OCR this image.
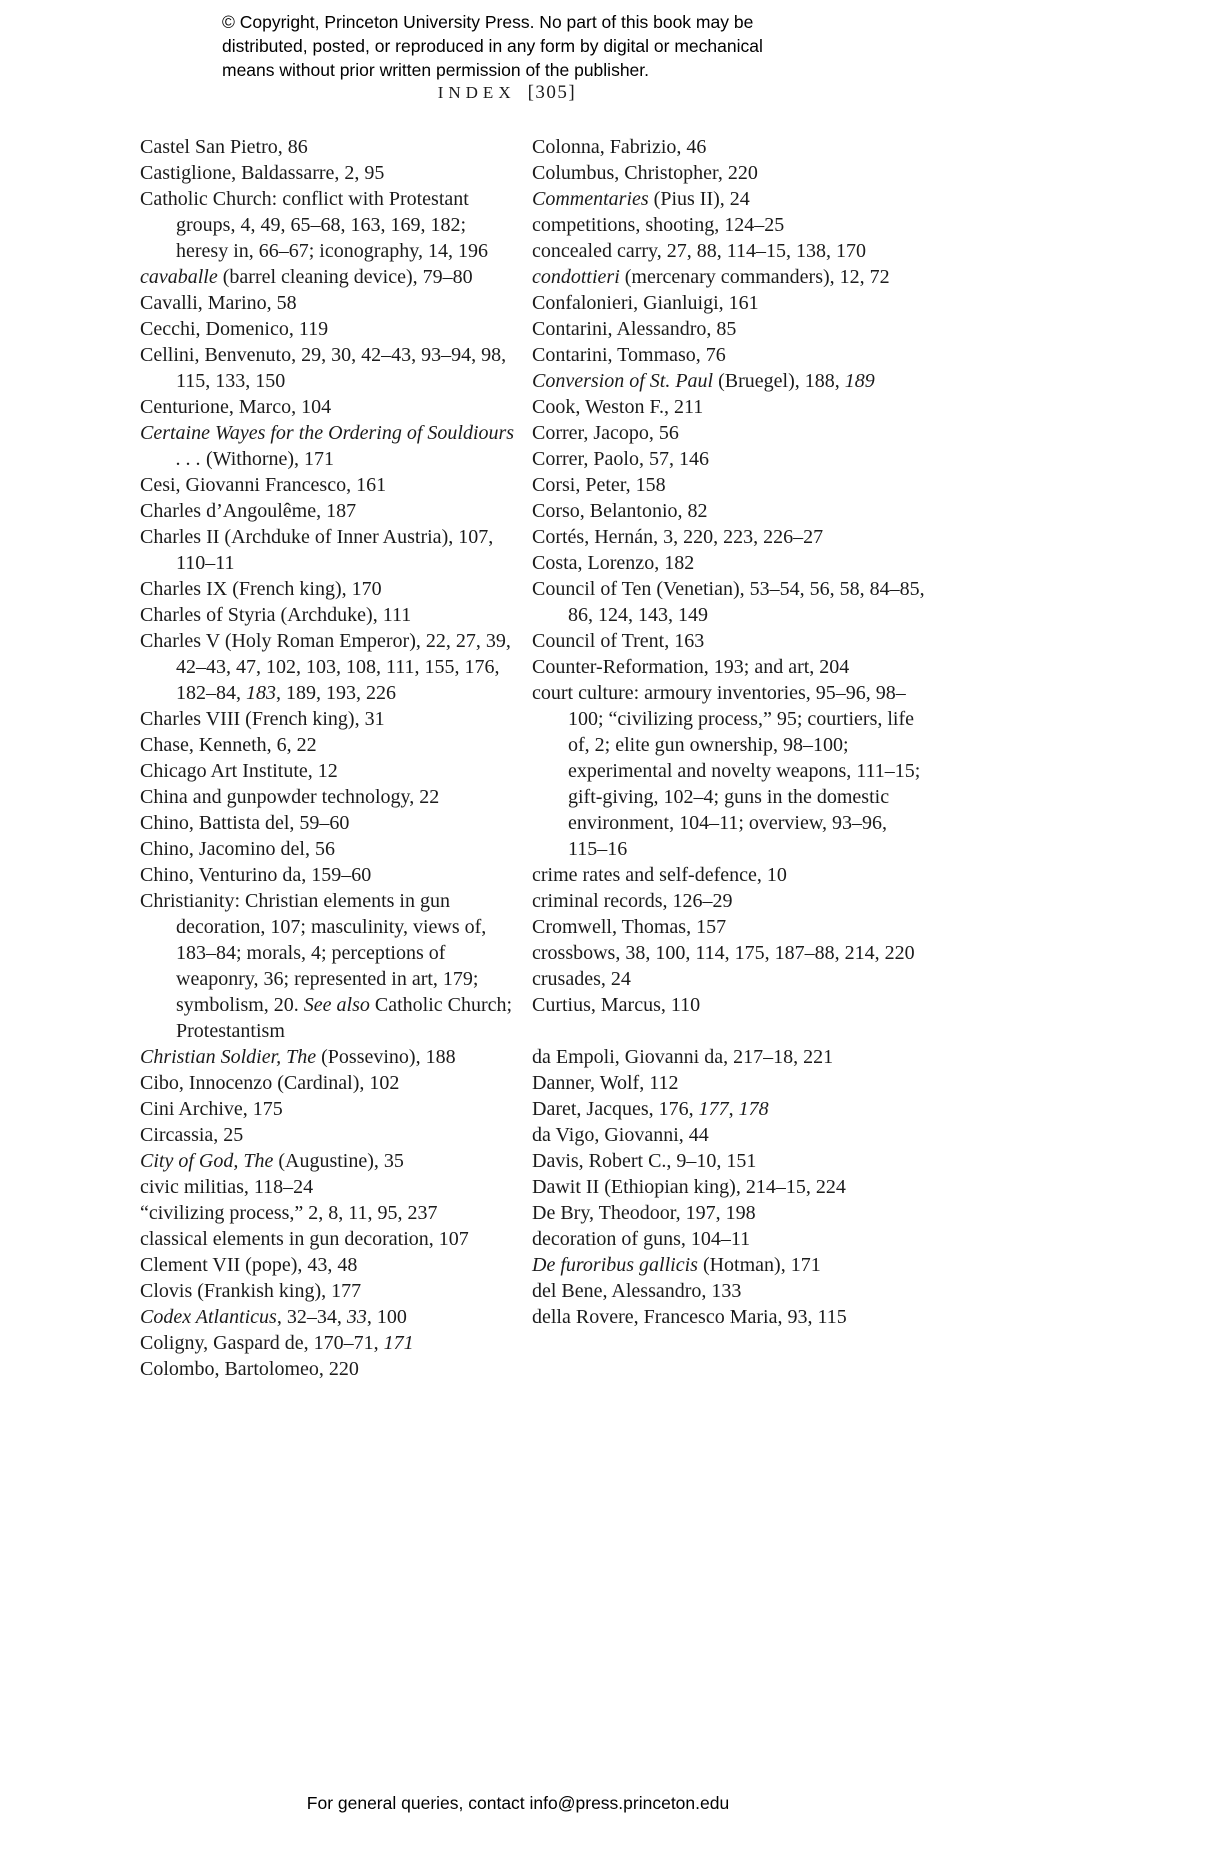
© Copyright, Princeton University Press. No part of this book may be
distributed, posted, or reproduced in any form by digital or mechanical
means without prior written permission of the publisher.
INDEX [305]
Castel San Pietro, 86
Castiglione, Baldassarre, 2, 95
Catholic Church: conflict with Protestant groups, 4, 49, 65–68, 163, 169, 182; heresy in, 66–67; iconography, 14, 196
cavaballe (barrel cleaning device), 79–80
Cavalli, Marino, 58
Cecchi, Domenico, 119
Cellini, Benvenuto, 29, 30, 42–43, 93–94, 98, 115, 133, 150
Centurione, Marco, 104
Certaine Wayes for the Ordering of Souldiours . . . (Withorne), 171
Cesi, Giovanni Francesco, 161
Charles d’Angoulême, 187
Charles II (Archduke of Inner Austria), 107, 110–11
Charles IX (French king), 170
Charles of Styria (Archduke), 111
Charles V (Holy Roman Emperor), 22, 27, 39, 42–43, 47, 102, 103, 108, 111, 155, 176, 182–84, 183, 189, 193, 226
Charles VIII (French king), 31
Chase, Kenneth, 6, 22
Chicago Art Institute, 12
China and gunpowder technology, 22
Chino, Battista del, 59–60
Chino, Jacomino del, 56
Chino, Venturino da, 159–60
Christianity: Christian elements in gun decoration, 107; masculinity, views of, 183–84; morals, 4; perceptions of weaponry, 36; represented in art, 179; symbolism, 20. See also Catholic Church; Protestantism
Christian Soldier, The (Possevino), 188
Cibo, Innocenzo (Cardinal), 102
Cini Archive, 175
Circassia, 25
City of God, The (Augustine), 35
civic militias, 118–24
“civilizing process,” 2, 8, 11, 95, 237
classical elements in gun decoration, 107
Clement VII (pope), 43, 48
Clovis (Frankish king), 177
Codex Atlanticus, 32–34, 33, 100
Coligny, Gaspard de, 170–71, 171
Colombo, Bartolomeo, 220
Colonna, Fabrizio, 46
Columbus, Christopher, 220
Commentaries (Pius II), 24
competitions, shooting, 124–25
concealed carry, 27, 88, 114–15, 138, 170
condottieri (mercenary commanders), 12, 72
Confalonieri, Gianluigi, 161
Contarini, Alessandro, 85
Contarini, Tommaso, 76
Conversion of St. Paul (Bruegel), 188, 189
Cook, Weston F., 211
Correr, Jacopo, 56
Correr, Paolo, 57, 146
Corsi, Peter, 158
Corso, Belantonio, 82
Cortés, Hernán, 3, 220, 223, 226–27
Costa, Lorenzo, 182
Council of Ten (Venetian), 53–54, 56, 58, 84–85, 86, 124, 143, 149
Council of Trent, 163
Counter-Reformation, 193; and art, 204
court culture: armoury inventories, 95–96, 98–100; “civilizing process,” 95; courtiers, life of, 2; elite gun ownership, 98–100; experimental and novelty weapons, 111–15; gift-giving, 102–4; guns in the domestic environment, 104–11; overview, 93–96, 115–16
crime rates and self-defence, 10
criminal records, 126–29
Cromwell, Thomas, 157
crossbows, 38, 100, 114, 175, 187–88, 214, 220
crusades, 24
Curtius, Marcus, 110
da Empoli, Giovanni da, 217–18, 221
Danner, Wolf, 112
Daret, Jacques, 176, 177, 178
da Vigo, Giovanni, 44
Davis, Robert C., 9–10, 151
Dawit II (Ethiopian king), 214–15, 224
De Bry, Theodoor, 197, 198
decoration of guns, 104–11
De furoribus gallicis (Hotman), 171
del Bene, Alessandro, 133
della Rovere, Francesco Maria, 93, 115
For general queries, contact info@press.princeton.edu
